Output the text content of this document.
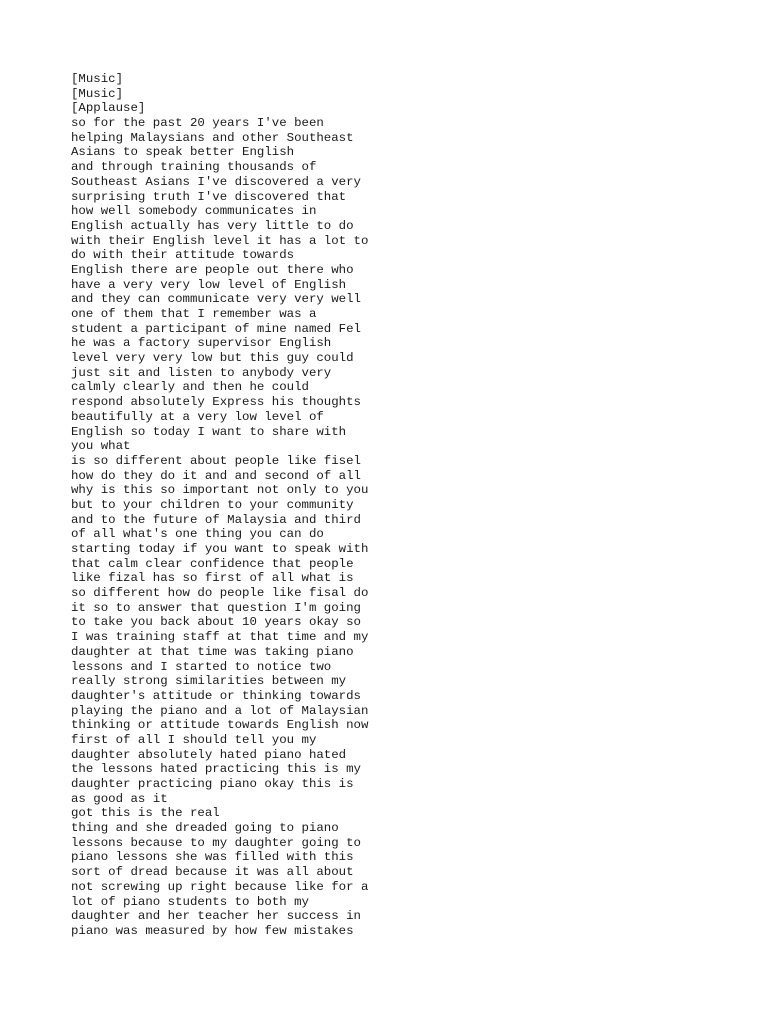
[Music]
[Music]
[Applause]
so for the past 20 years I've been
helping Malaysians and other Southeast
Asians to speak better English
and through training thousands of
Southeast Asians I've discovered a very
surprising truth I've discovered that
how well somebody communicates in
English actually has very little to do
with their English level it has a lot to
do with their attitude towards
English there are people out there who
have a very very low level of English
and they can communicate very very well
one of them that I remember was a
student a participant of mine named Fel
he was a factory supervisor English
level very very low but this guy could
just sit and listen to anybody very
calmly clearly and then he could
respond absolutely Express his thoughts
beautifully at a very low level of
English so today I want to share with
you what
is so different about people like fisel
how do they do it and and second of all
why is this so important not only to you
but to your children to your community
and to the future of Malaysia and third
of all what's one thing you can do
starting today if you want to speak with
that calm clear confidence that people
like fizal has so first of all what is
so different how do people like fisal do
it so to answer that question I'm going
to take you back about 10 years okay so
I was training staff at that time and my
daughter at that time was taking piano
lessons and I started to notice two
really strong similarities between my
daughter's attitude or thinking towards
playing the piano and a lot of Malaysian
thinking or attitude towards English now
first of all I should tell you my
daughter absolutely hated piano hated
the lessons hated practicing this is my
daughter practicing piano okay this is
as good as it
got this is the real
thing and she dreaded going to piano
lessons because to my daughter going to
piano lessons she was filled with this
sort of dread because it was all about
not screwing up right because like for a
lot of piano students to both my
daughter and her teacher her success in
piano was measured by how few mistakes
